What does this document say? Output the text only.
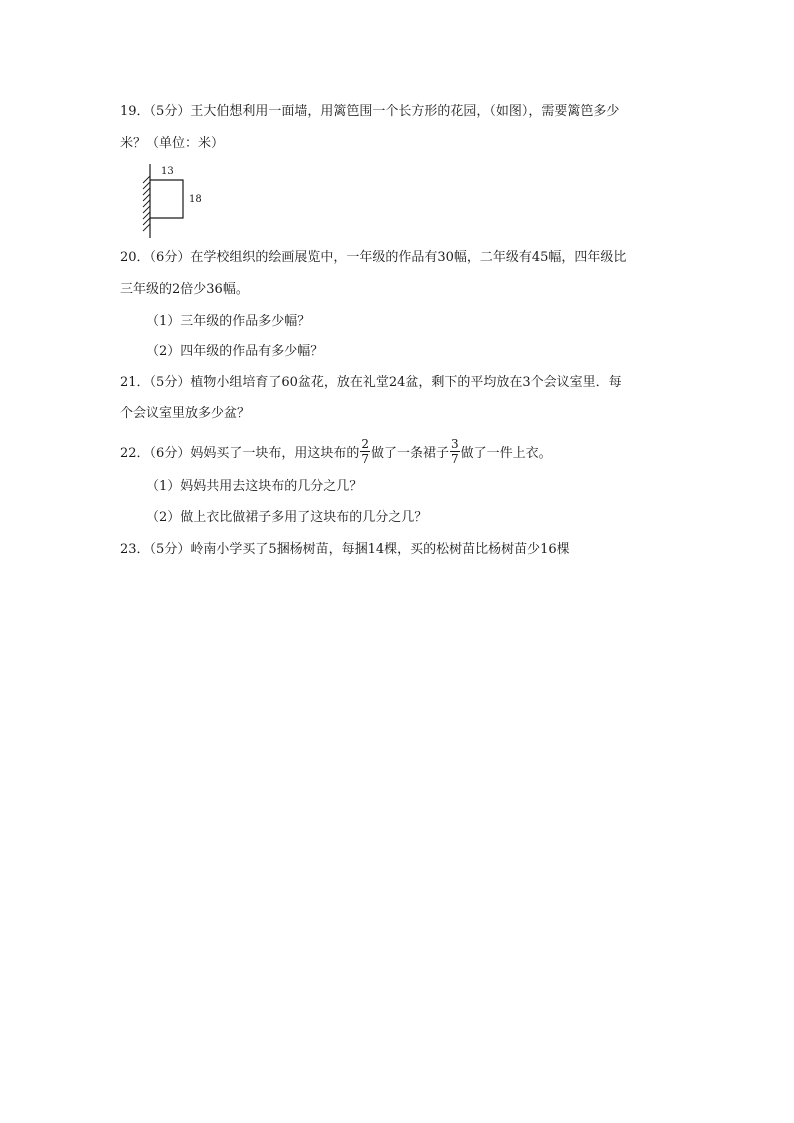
19．（5分）王大伯想利用一面墙，用篱笆围一个长方形的花园，（如图），需要篱笆多少
米？（单位：米）
13
18
20．（6分）在学校组织的绘画展览中，一年级的作品有30幅，二年级有45幅，四年级比
三年级的2倍少36幅。
（1）三年级的作品多少幅？
（2）四年级的作品有多少幅？
21．（5分）植物小组培育了60盆花，放在礼堂24盆，剩下的平均放在3个会议室里．每
个会议室里放多少盆？
22．（6分）妈妈买了一块布，用这块布的 $\frac{2}{7}$ 做了一条裙子 $\frac{3}{7}$ 做了一件上衣。
（1）妈妈共用去这块布的几分之几？
（2）做上衣比做裙子多用了这块布的几分之几？
23．（5分）岭南小学买了5捆杨树苗，每捆14棵，买的松树苗比杨树苗少16棵
